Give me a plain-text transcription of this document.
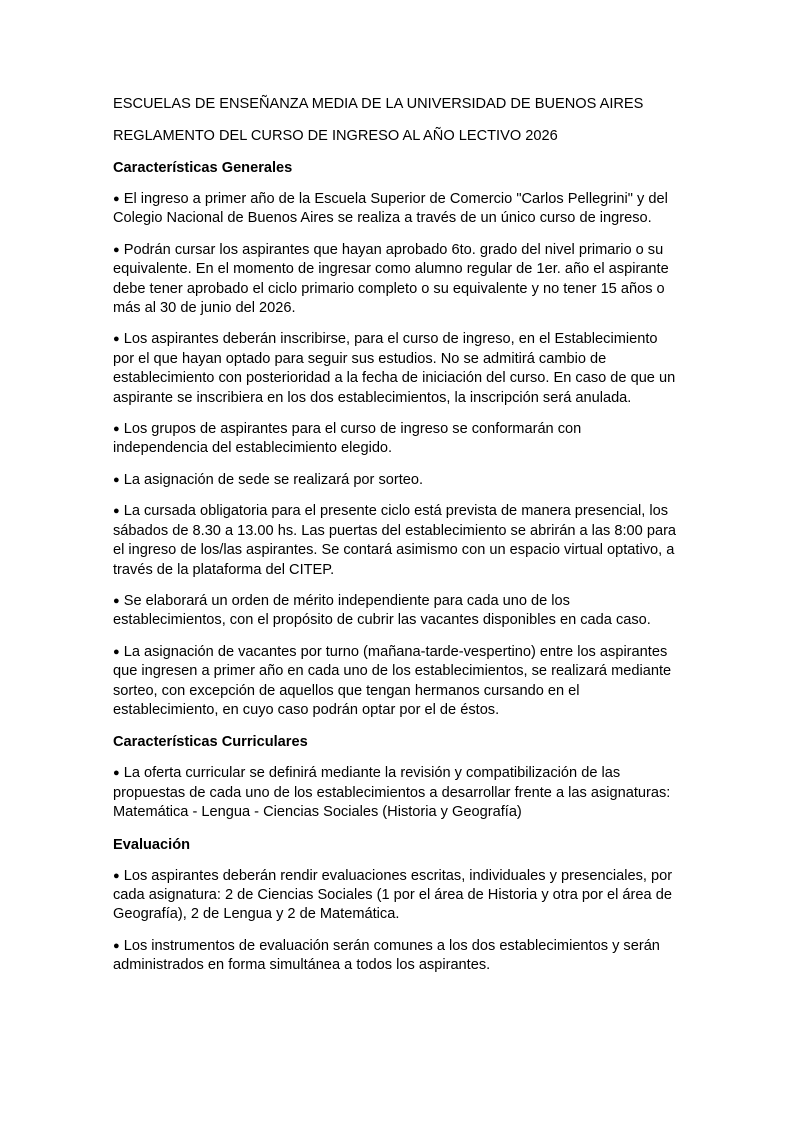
ESCUELAS DE ENSEÑANZA MEDIA DE LA UNIVERSIDAD DE BUENOS AIRES

REGLAMENTO DEL CURSO DE INGRESO AL AÑO LECTIVO 2026

Características Generales

● El ingreso a primer año de la Escuela Superior de Comercio "Carlos Pellegrini" y del
Colegio Nacional de Buenos Aires se realiza a través de un único curso de ingreso.

● Podrán cursar los aspirantes que hayan aprobado 6to. grado del nivel primario o su
equivalente. En el momento de ingresar como alumno regular de 1er. año el aspirante
debe tener aprobado el ciclo primario completo o su equivalente y no tener 15 años o
más al 30 de junio del 2026.

● Los aspirantes deberán inscribirse, para el curso de ingreso, en el Establecimiento
por el que hayan optado para seguir sus estudios. No se admitirá cambio de
establecimiento con posterioridad a la fecha de iniciación del curso. En caso de que un
aspirante se inscribiera en los dos establecimientos, la inscripción será anulada.

● Los grupos de aspirantes para el curso de ingreso se conformarán con
independencia del establecimiento elegido.

● La asignación de sede se realizará por sorteo.

● La cursada obligatoria para el presente ciclo está prevista de manera presencial, los
sábados de 8.30 a 13.00 hs. Las puertas del establecimiento se abrirán a las 8:00 para
el ingreso de los/las aspirantes. Se contará asimismo con un espacio virtual optativo, a
través de la plataforma del CITEP.

● Se elaborará un orden de mérito independiente para cada uno de los
establecimientos, con el propósito de cubrir las vacantes disponibles en cada caso.

● La asignación de vacantes por turno (mañana-tarde-vespertino) entre los aspirantes
que ingresen a primer año en cada uno de los establecimientos, se realizará mediante
sorteo, con excepción de aquellos que tengan hermanos cursando en el
establecimiento, en cuyo caso podrán optar por el de éstos.

Características Curriculares

● La oferta curricular se definirá mediante la revisión y compatibilización de las
propuestas de cada uno de los establecimientos a desarrollar frente a las asignaturas:
Matemática - Lengua - Ciencias Sociales (Historia y Geografía)

Evaluación

● Los aspirantes deberán rendir evaluaciones escritas, individuales y presenciales, por
cada asignatura: 2 de Ciencias Sociales (1 por el área de Historia y otra por el área de
Geografía), 2 de Lengua y 2 de Matemática.

● Los instrumentos de evaluación serán comunes a los dos establecimientos y serán
administrados en forma simultánea a todos los aspirantes.
